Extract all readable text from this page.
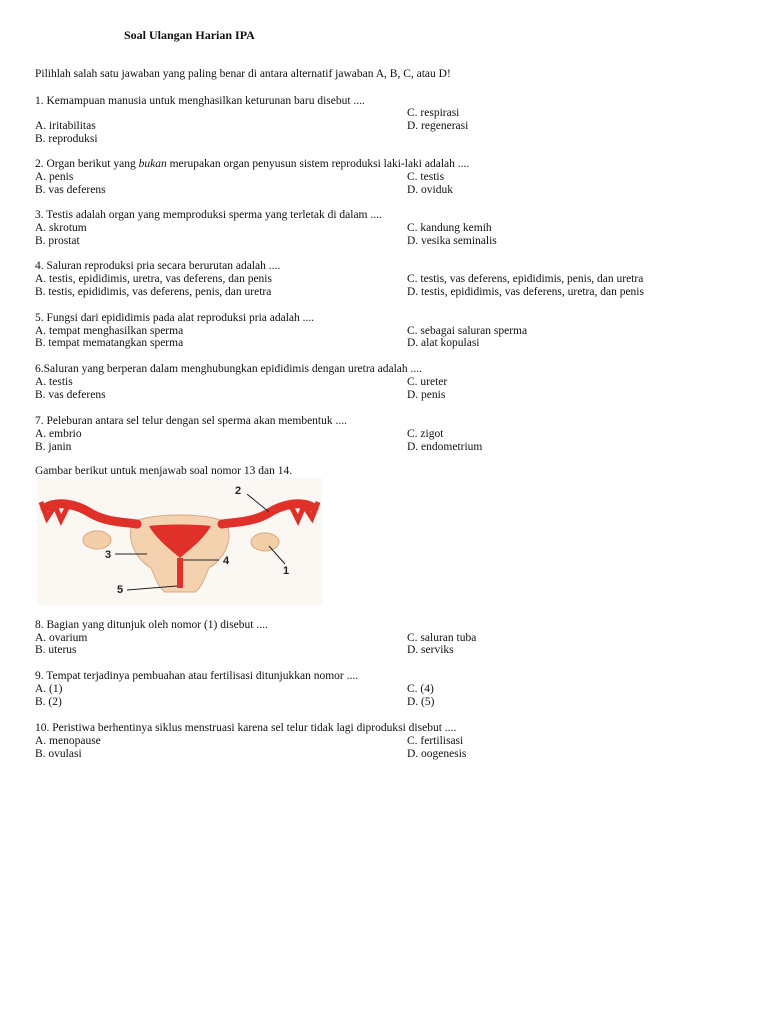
Soal Ulangan Harian IPA
Pilihlah salah satu jawaban yang paling benar di antara alternatif jawaban A, B, C, atau D!
1. Kemampuan manusia untuk menghasilkan keturunan baru disebut ....
C. respirasi
A. iritabilitas	D. regenerasi
B. reproduksi
2. Organ berikut yang bukan merupakan organ penyusun sistem reproduksi laki-laki adalah ....
A. penis	C. testis
B. vas deferens	D. oviduk
3. Testis adalah organ yang memproduksi sperma yang terletak di dalam ....
A. skrotum	C. kandung kemih
B. prostat	D. vesika seminalis
4. Saluran reproduksi pria secara berurutan adalah ....
A. testis, epididimis, uretra, vas deferens, dan penis	C. testis, vas deferens, epididimis, penis, dan uretra
B. testis, epididimis, vas deferens, penis, dan uretra	D. testis, epididimis, vas deferens, uretra, dan penis
5. Fungsi dari epididimis pada alat reproduksi pria adalah ....
A. tempat menghasilkan sperma	C. sebagai saluran sperma
B. tempat mematangkan sperma	D. alat kopulasi
6.Saluran yang berperan dalam menghubungkan epididimis dengan uretra adalah ....
A. testis	C. ureter
B. vas deferens	D. penis
7. Peleburan antara sel telur dengan sel sperma akan membentuk ....
A. embrio	C. zigot
B. janin	D. endometrium
Gambar berikut untuk menjawab soal nomor 13 dan 14.
2
3	4
5
1
8. Bagian yang ditunjuk oleh nomor (1) disebut ....
A. ovarium	C. saluran tuba
B. uterus	D. serviks
9. Tempat terjadinya pembuahan atau fertilisasi ditunjukkan nomor ....
A. (1)	C. (4)
B. (2)	D. (5)
10. Peristiwa berhentinya siklus menstruasi karena sel telur tidak lagi diproduksi disebut ....
A. menopause	C. fertilisasi
B. ovulasi	D. oogenesis
